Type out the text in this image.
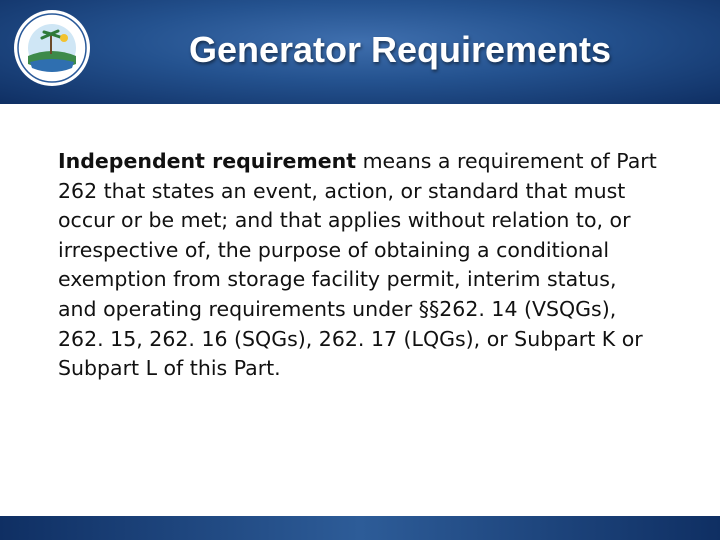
Generator Requirements

Independent requirement means a requirement of Part 262 that states an event, action, or standard that must occur or be met; and that applies without relation to, or irrespective of, the purpose of obtaining a conditional exemption from storage facility permit, interim status, and operating requirements under §§262. 14 (VSQGs), 262. 15, 262. 16 (SQGs), 262. 17 (LQGs), or Subpart K or Subpart L of this Part.
